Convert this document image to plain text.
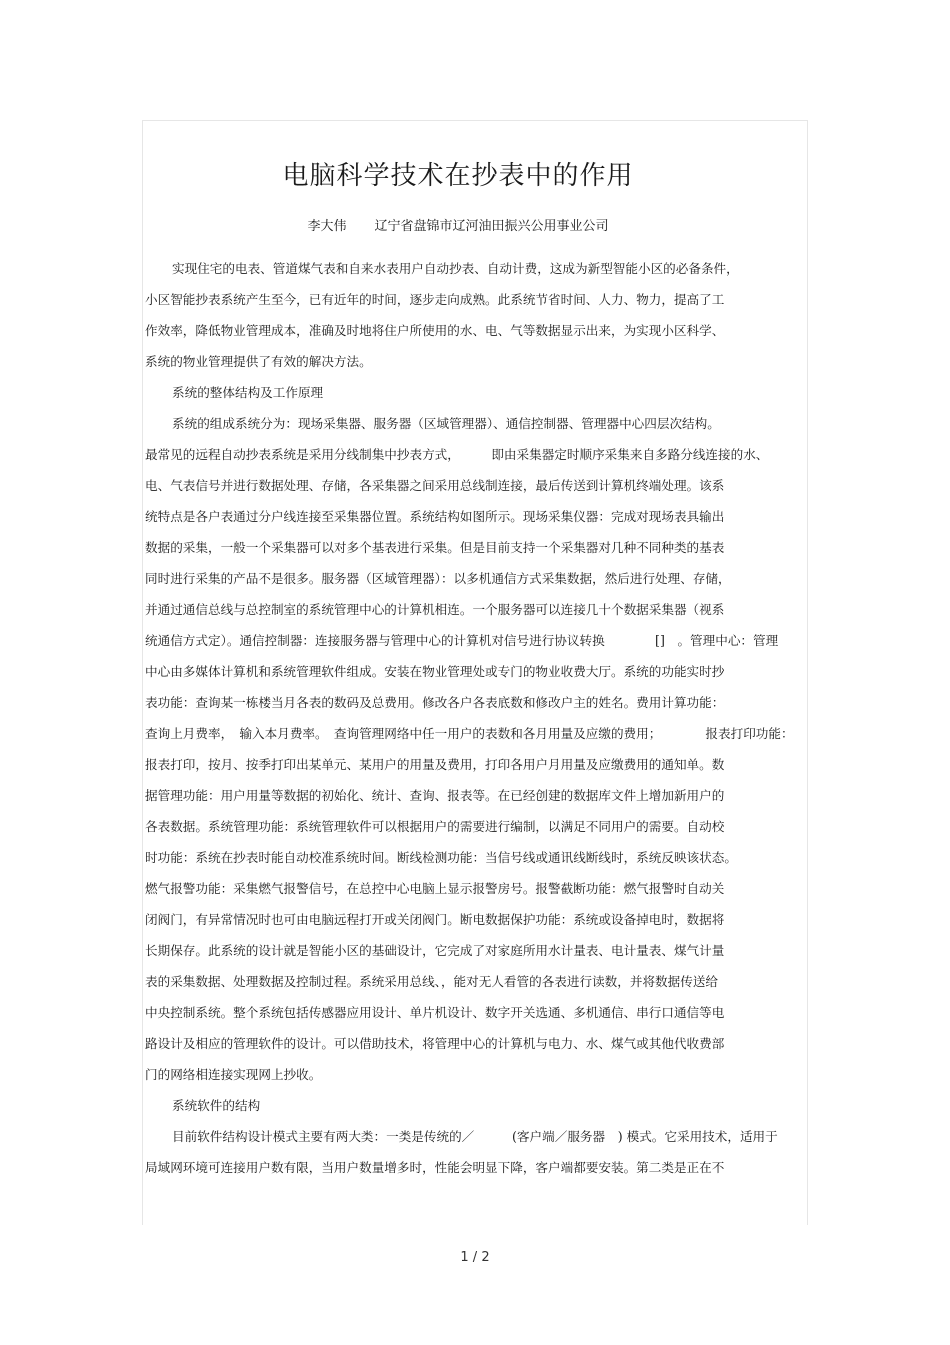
电脑科学技术在抄表中的作用
李大伟 辽宁省盘锦市辽河油田振兴公用事业公司
实现住宅的电表、管道煤气表和自来水表用户自动抄表、自动计费，这成为新型智能小区的必备条件，
小区智能抄表系统产生至今，已有近年的时间，逐步走向成熟。此系统节省时间、人力、物力，提高了工
作效率，降低物业管理成本，准确及时地将住户所使用的水、电、气等数据显示出来，为实现小区科学、
系统的物业管理提供了有效的解决方法。
系统的整体结构及工作原理
系统的组成系统分为：现场采集器、服务器（区域管理器）、通信控制器、管理器中心四层次结构。
最常见的远程自动抄表系统是采用分线制集中抄表方式，　　　即由采集器定时顺序采集来自多路分线连接的水、
电、气表信号并进行数据处理、存储，各采集器之间采用总线制连接，最后传送到计算机终端处理。该系
统特点是各户表通过分户线连接至采集器位置。系统结构如图所示。现场采集仪器：完成对现场表具输出
数据的采集，一般一个采集器可以对多个基表进行采集。但是目前支持一个采集器对几种不同种类的基表
同时进行采集的产品不是很多。服务器（区域管理器）：以多机通信方式采集数据，然后进行处理、存储，
并通过通信总线与总控制室的系统管理中心的计算机相连。一个服务器可以连接几十个数据采集器（视系
统通信方式定）。通信控制器：连接服务器与管理中心的计算机对信号进行协议转换　　　　[]　。管理中心：管理
中心由多媒体计算机和系统管理软件组成。安装在物业管理处或专门的物业收费大厅。系统的功能实时抄
表功能：查询某一栋楼当月各表的数码及总费用。修改各户各表底数和修改户主的姓名。费用计算功能：
查询上月费率，　输入本月费率。　查询管理网络中任一用户的表数和各月用量及应缴的费用；　　　　报表打印功能：
报表打印，按月、按季打印出某单元、某用户的用量及费用，打印各用户月用量及应缴费用的通知单。数
据管理功能：用户用量等数据的初始化、统计、查询、报表等。在已经创建的数据库文件上增加新用户的
各表数据。系统管理功能：系统管理软件可以根据用户的需要进行编制，以满足不同用户的需要。自动校
时功能：系统在抄表时能自动校准系统时间。断线检测功能：当信号线或通讯线断线时，系统反映该状态。
燃气报警功能：采集燃气报警信号，在总控中心电脑上显示报警房号。报警截断功能：燃气报警时自动关
闭阀门，有异常情况时也可由电脑远程打开或关闭阀门。断电数据保护功能：系统或设备掉电时，数据将
长期保存。此系统的设计就是智能小区的基础设计，它完成了对家庭所用水计量表、电计量表、煤气计量
表的采集数据、处理数据及控制过程。系统采用总线、，能对无人看管的各表进行读数，并将数据传送给
中央控制系统。整个系统包括传感器应用设计、单片机设计、数字开关选通、多机通信、串行口通信等电
路设计及相应的管理软件的设计。可以借助技术，将管理中心的计算机与电力、水、煤气或其他代收费部
门的网络相连接实现网上抄收。
系统软件的结构
目前软件结构设计模式主要有两大类：一类是传统的／　　　(客户端／服务器　) 模式。它采用技术，适用于
局域网环境可连接用户数有限，当用户数量增多时，性能会明显下降，客户端都要安装。第二类是正在不
1 / 2
